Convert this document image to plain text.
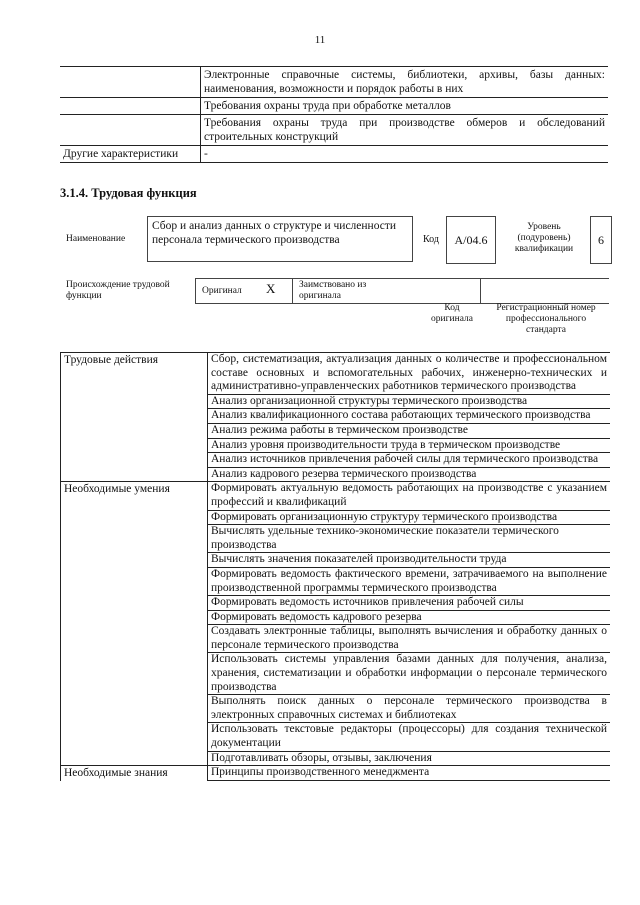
11
	Электронные справочные системы, библиотеки, архивы, базы данных: наименования, возможности и порядок работы в них
	Требования охраны труда при обработке металлов
	Требования охраны труда при производстве обмеров и обследований строительных конструкций
Другие характеристики	-
3.1.4. Трудовая функция
Наименование
Сбор и анализ данных о структуре и численности персонала термического производства	Код	A/04.6
Уровень (подуровень) квалификации
6
Происхождение трудовой функции	Оригинал X Заимствовано из оригинала
Код оригинала
Регистрационный номер профессионального стандарта
Трудовые действия	Сбор, систематизация, актуализация данных о количестве и профессиональном составе основных и вспомогательных рабочих, инженерно-технических и административно-управленческих работников термического производства
	Анализ организационной структуры термического производства
	Анализ квалификационного состава работающих термического производства
	Анализ режима работы в термическом производстве
	Анализ уровня производительности труда в термическом производстве
	Анализ источников привлечения рабочей силы для термического производства
	Анализ кадрового резерва термического производства
Необходимые умения	Формировать актуальную ведомость работающих на производстве с указанием профессий и квалификаций
	Формировать организационную структуру термического производства
	Вычислять удельные технико-экономические показатели термического производства
	Вычислять значения показателей производительности труда
	Формировать ведомость фактического времени, затрачиваемого на выполнение производственной программы термического производства
	Формировать ведомость источников привлечения рабочей силы
	Формировать ведомость кадрового резерва
	Создавать электронные таблицы, выполнять вычисления и обработку данных о персонале термического производства
	Использовать системы управления базами данных для получения, анализа, хранения, систематизации и обработки информации о персонале термического производства
	Выполнять поиск данных о персонале термического производства в электронных справочных системах и библиотеках
	Использовать текстовые редакторы (процессоры) для создания технической документации
	Подготавливать обзоры, отзывы, заключения
Необходимые знания	Принципы производственного менеджмента
